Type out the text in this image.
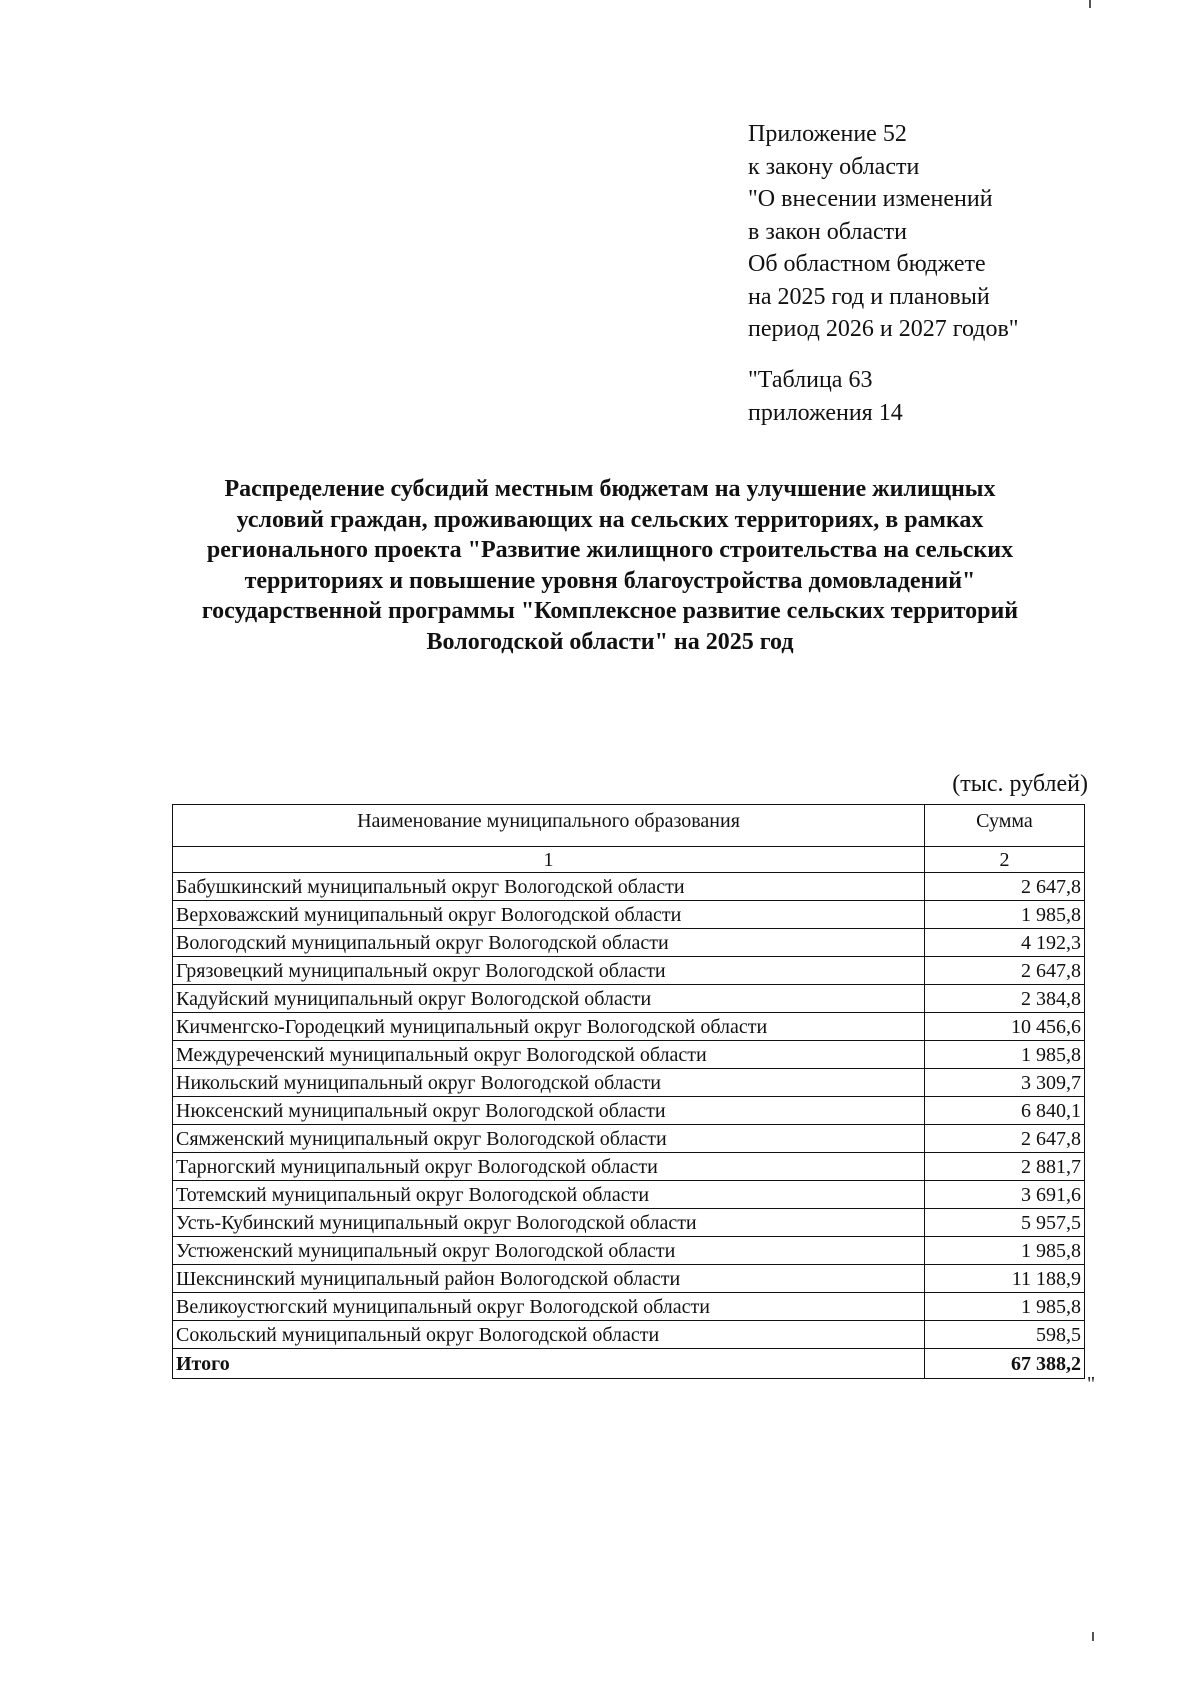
Приложение 52
к закону области
"О внесении изменений
в закон области
Об областном бюджете
на 2025 год и плановый
период 2026 и 2027 годов"
"Таблица 63
приложения 14
Распределение субсидий местным бюджетам на улучшение жилищных
условий граждан, проживающих на сельских территориях, в рамках
регионального проекта "Развитие жилищного строительства на сельских
территориях и повышение уровня благоустройства домовладений"
государственной программы "Комплексное развитие сельских территорий
Вологодской области" на 2025 год
(тыс. рублей)
Наименование муниципального образования	Сумма
1	2
Бабушкинский муниципальный округ Вологодской области	2 647,8
Верховажский муниципальный округ Вологодской области	1 985,8
Вологодский муниципальный округ Вологодской области	4 192,3
Грязовецкий муниципальный округ Вологодской области	2 647,8
Кадуйский муниципальный округ Вологодской области	2 384,8
Кичменгско-Городецкий муниципальный округ Вологодской области	10 456,6
Междуреченский муниципальный округ Вологодской области	1 985,8
Никольский муниципальный округ Вологодской области	3 309,7
Нюксенский муниципальный округ Вологодской области	6 840,1
Сямженский муниципальный округ Вологодской области	2 647,8
Тарногский муниципальный округ Вологодской области	2 881,7
Тотемский муниципальный округ Вологодской области	3 691,6
Усть-Кубинский муниципальный округ Вологодской области	5 957,5
Устюженский муниципальный округ Вологодской области	1 985,8
Шекснинский муниципальный район Вологодской области	11 188,9
Великоустюгский муниципальный округ Вологодской области	1 985,8
Сокольский муниципальный округ Вологодской области	598,5
Итого	67 388,2
"
